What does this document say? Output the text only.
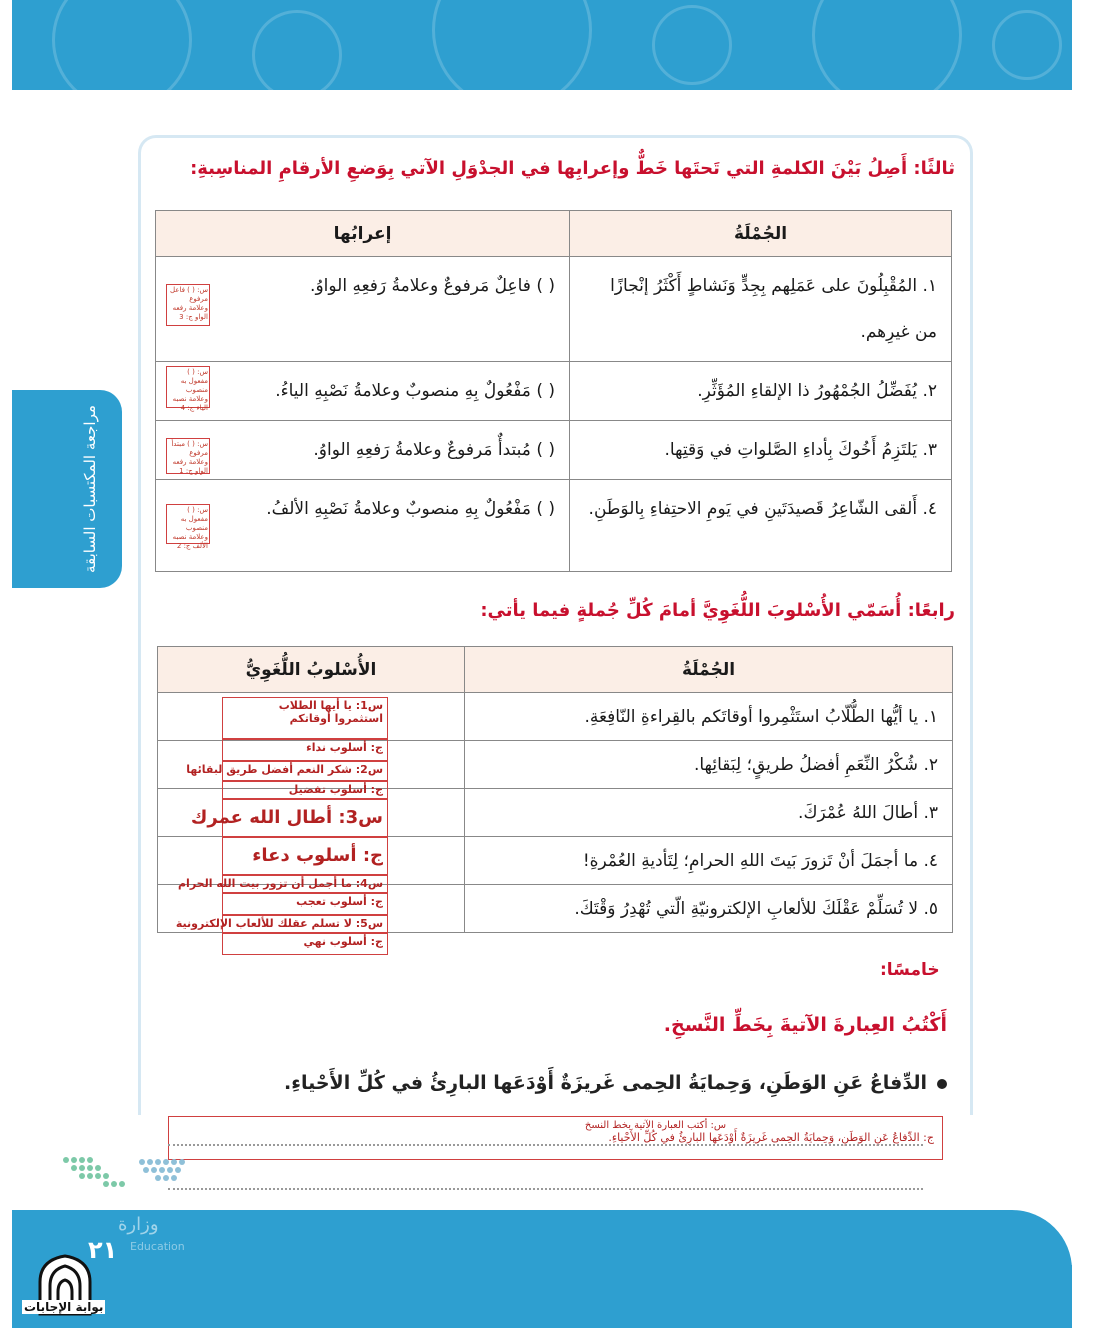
مراجعة المكتسبات السابقة
ثالثًا: أَصِلُ بَيْنَ الكلمةِ التي تَحتَها خَطٌّ وإعرابِها في الجدْوَلِ الآتي بِوَضعِ الأرقامِ المناسِبةِ:
الجُمْلَةُ	إعرابُها
١. المُقْبِلُونَ على عَمَلِهم بِجِدٍّ وَنَشاطٍ أَكْثَرُ إنْجازًا من غيرِهم.	( ) فاعِلٌ مَرفوعٌ وعلامةُ رَفعِهِ الواوُ.
٢. يُفَضِّلُ الجُمْهُورُ ذا الإلقاءِ المُؤَثِّرِ.	( ) مَفْعُولٌ بِهِ منصوبٌ وعلامةُ نَصْبِهِ الياءُ.
٣. يَلتَزِمُ أَخُوكَ بِأداءِ الصَّلواتِ في وَقتِها.	( ) مُبتدأٌ مَرفوعٌ وعلامةُ رَفعِهِ الواوُ.
٤. أَلقى الشّاعِرُ قَصيدَتَينِ في يَومِ الاحتِفاءِ بِالوَطَنِ.	( ) مَفْعُولٌ بِهِ منصوبٌ وعلامةُ نَصْبِهِ الألفُ.
س: ( ) فاعل مرفوع وعلامة رفعه الواو ج: 3
س: ( ) مفعول به منصوب وعلامة نصبه الياء ج: 4
س: ( ) مبتدأ مرفوع وعلامة رفعه الواو ج: 1
س: ( ) مفعول به منصوب وعلامة نصبه الألف ج: 2
رابعًا: أُسَمّي الأُسْلوبَ اللُّغَوِيَّ أمامَ كُلِّ جُملةٍ فيما يأتي:
الجُمْلَةُ	الأُسْلوبُ اللُّغَوِيُّ
١. يا أيُّها الطُّلّابُ استَثْمِروا أوقاتَكم بالقِراءةِ النّافِعَةِ.	
٢. شُكْرُ النِّعَمِ أفضلُ طريقٍ؛ لِبَقائِها.	
٣. أطالَ اللهُ عُمْرَكَ.	
٤. ما أجمَلَ أنْ تَزورَ بَيتَ اللهِ الحرامِ؛ لِتَأديةِ العُمْرةِ!	
٥. لا تُسَلِّمْ عَقْلَكَ للألعابِ الإلكترونيّةِ الّتي تُهْدِرُ وَقْتَكَ.	
س1: يا أيها الطلاب استثمروا أوقاتكم
ج: أسلوب نداء
س2: شكر النعم أفضل طريق لبقائها
ج: أسلوب تفضيل
س3: أطال الله عمرك
ج: أسلوب دعاء
س4: ما أجمل أن تزور بيت الله الحرام
ج: أسلوب تعجب
س5: لا تسلم عقلك للألعاب الإلكترونية
ج: أسلوب نهي
خامسًا:
أَكْتُبُ العِبارةَ الآتيةَ بِخَطِّ النَّسخِ.
الدِّفاعُ عَنِ الوَطَنِ، وَحِمايَةُ الحِمى غَريزَةٌ أَوْدَعَها البارِئُ في كُلِّ الأَحْياءِ.
س: أكتب العبارة الآتية بخط النسخ
ج: الدِّفاعُ عَنِ الوَطَنِ، وَحِمايَةُ الحِمى غَريزَةٌ أَوْدَعَها البارِئُ في كُلِّ الأَحْياءِ.
وزارة
Education
٢١
بوابة الإجابات
